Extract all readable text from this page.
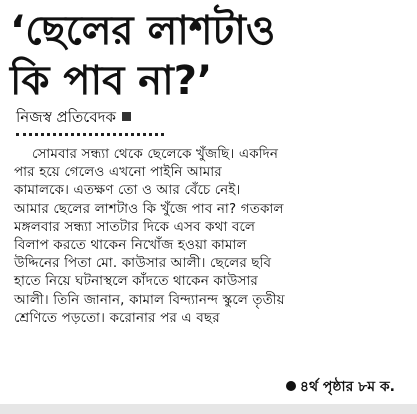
‘ছেলের লাশটাও
কি পাব না?’
নিজস্ব প্রতিবেদক
সোমবার সন্ধ্যা থেকে ছেলেকে খুঁজছি। একদিন
পার হয়ে গেলেও এখনো পাইনি আমার
কামালকে। এতক্ষণ তো ও আর বেঁচে নেই।
আমার ছেলের লাশটাও কি খুঁজে পাব না? গতকাল
মঙ্গলবার সন্ধ্যা সাতটার দিকে এসব কথা বলে
বিলাপ করতে থাকেন নিখোঁজ হওয়া কামাল
উদ্দিনের পিতা মো. কাউসার আলী। ছেলের ছবি
হাতে নিয়ে ঘটনাস্থলে কাঁদতে থাকেন কাউসার
আলী। তিনি জানান, কামাল বিন্দ্যানন্দ স্কুলে তৃতীয়
শ্রেণিতে পড়তো। করোনার পর এ বছর
৪র্থ পৃষ্ঠার ৮ম ক.
